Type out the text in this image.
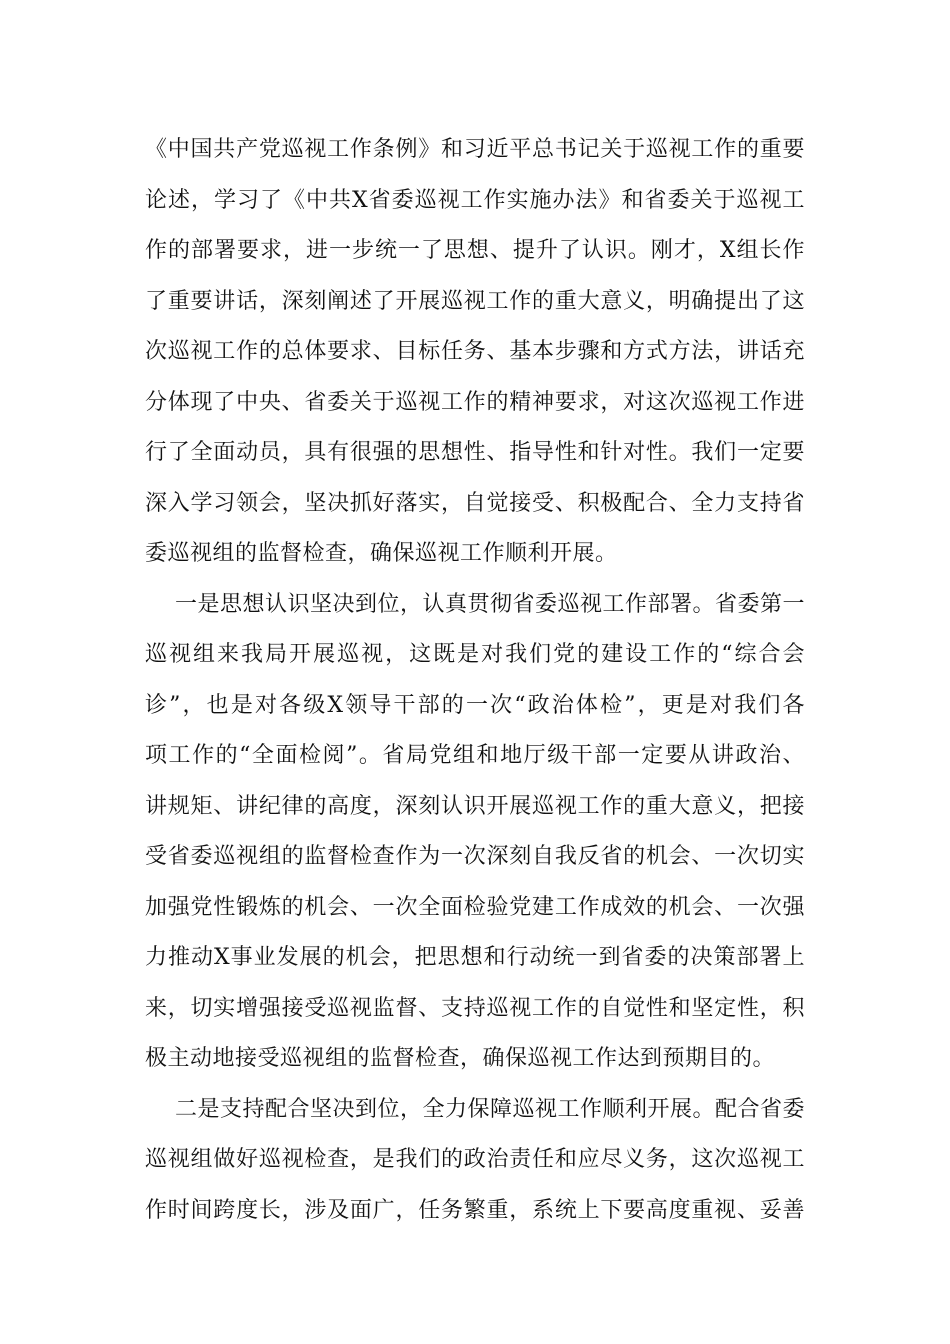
《中国共产党巡视工作条例》和习近平总书记关于巡视工作的重要
论述，学习了《中共X省委巡视工作实施办法》和省委关于巡视工
作的部署要求，进一步统一了思想、提升了认识。刚才，X组长作
了重要讲话，深刻阐述了开展巡视工作的重大意义，明确提出了这
次巡视工作的总体要求、目标任务、基本步骤和方式方法，讲话充
分体现了中央、省委关于巡视工作的精神要求，对这次巡视工作进
行了全面动员，具有很强的思想性、指导性和针对性。我们一定要
深入学习领会，坚决抓好落实，自觉接受、积极配合、全力支持省
委巡视组的监督检查，确保巡视工作顺利开展。
一是思想认识坚决到位，认真贯彻省委巡视工作部署。省委第一
巡视组来我局开展巡视，这既是对我们党的建设工作的“综合会
诊”，也是对各级X领导干部的一次“政治体检”，更是对我们各
项工作的“全面检阅”。省局党组和地厅级干部一定要从讲政治、
讲规矩、讲纪律的高度，深刻认识开展巡视工作的重大意义，把接
受省委巡视组的监督检查作为一次深刻自我反省的机会、一次切实
加强党性锻炼的机会、一次全面检验党建工作成效的机会、一次强
力推动X事业发展的机会，把思想和行动统一到省委的决策部署上
来，切实增强接受巡视监督、支持巡视工作的自觉性和坚定性，积
极主动地接受巡视组的监督检查，确保巡视工作达到预期目的。
二是支持配合坚决到位，全力保障巡视工作顺利开展。配合省委
巡视组做好巡视检查，是我们的政治责任和应尽义务，这次巡视工
作时间跨度长，涉及面广，任务繁重，系统上下要高度重视、妥善
